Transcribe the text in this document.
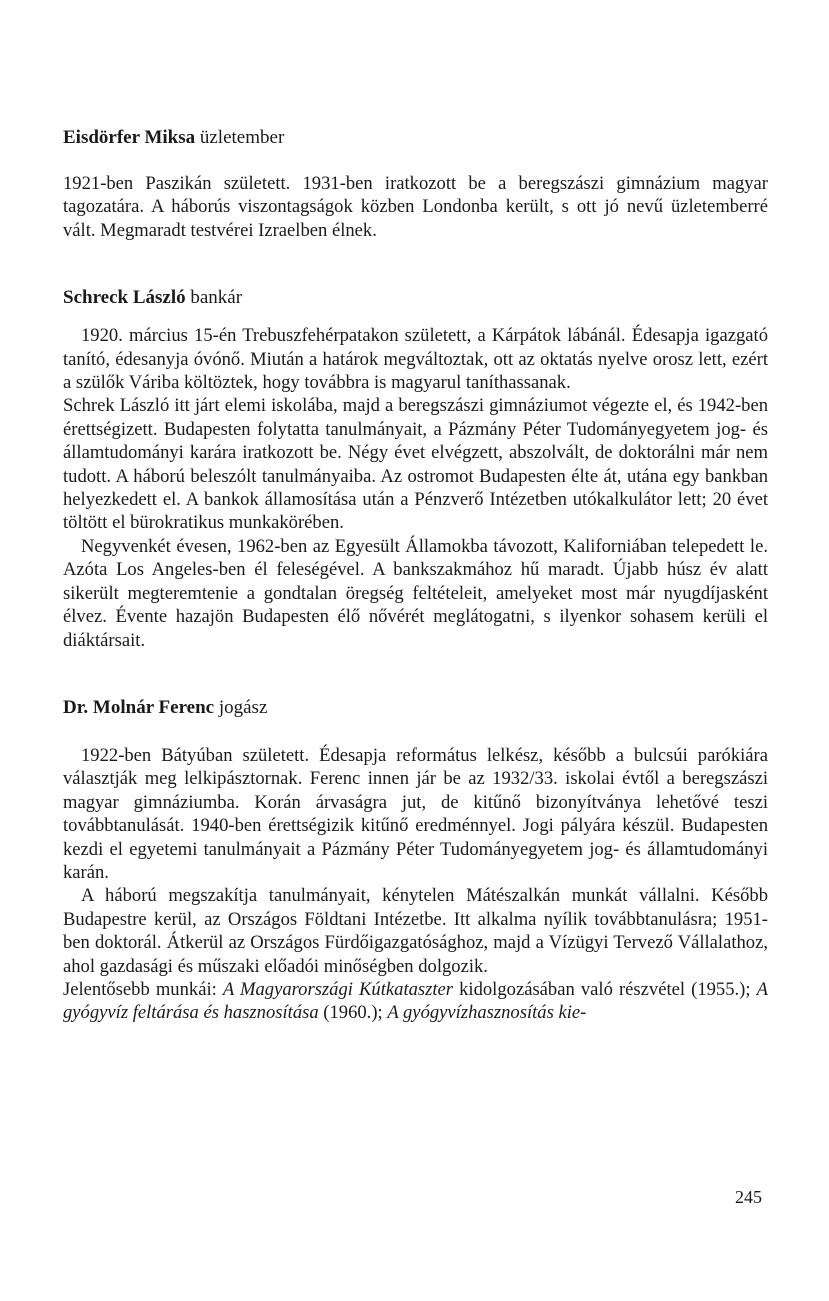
Eisdörfer Miksa üzletember

1921-ben Paszikán született. 1931-ben iratkozott be a beregszászi gimnázium magyar tagozatára. A háborús viszontagságok közben Londonba került, s ott jó nevű üzletemberré vált. Megmaradt testvérei Izraelben élnek.

Schreck László bankár

1920. március 15-én Trebuszfehérpatakon született, a Kárpátok lábánál. Édesapja igazgató tanító, édesanyja óvónő. Miután a határok megváltoztak, ott az oktatás nyelve orosz lett, ezért a szülők Váriba költöztek, hogy továbbra is magyarul taníthassanak.

Schrek László itt járt elemi iskolába, majd a beregszászi gimnáziumot végezte el, és 1942-ben érettségizett. Budapesten folytatta tanulmányait, a Pázmány Péter Tudományegyetem jog- és államtudományi karára iratkozott be. Négy évet elvégzett, abszolvált, de doktorálni már nem tudott. A háború beleszólt tanulmányaiba. Az ostromot Budapesten élte át, utána egy bankban helyezkedett el. A bankok államosítása után a Pénzverő Intézetben utókalkulátor lett; 20 évet töltött el bürokratikus munkakörében.

Negyvenkét évesen, 1962-ben az Egyesült Államokba távozott, Kaliforniában telepedett le. Azóta Los Angeles-ben él feleségével. A bankszakmához hű maradt. Újabb húsz év alatt sikerült megteremtenie a gondtalan öregség feltételeit, amelyeket most már nyugdíjasként élvez. Évente hazajön Budapesten élő nővérét meglátogatni, s ilyenkor sohasem kerüli el diáktársait.

Dr. Molnár Ferenc jogász

1922-ben Bátyúban született. Édesapja református lelkész, később a bulcsúi parókiára választják meg lelkipásztornak. Ferenc innen jár be az 1932/33. iskolai évtől a beregszászi magyar gimnáziumba. Korán árvaságra jut, de kitűnő bizonyítványa lehetővé teszi továbbtanulását. 1940-ben érettségizik kitűnő eredménnyel. Jogi pályára készül. Budapesten kezdi el egyetemi tanulmányait a Pázmány Péter Tudományegyetem jog- és államtudományi karán.

A háború megszakítja tanulmányait, kénytelen Mátészalkán munkát vállalni. Később Budapestre kerül, az Országos Földtani Intézetbe. Itt alkalma nyílik továbbtanulásra; 1951-ben doktorál. Átkerül az Országos Fürdőigazgatósághoz, majd a Vízügyi Tervező Vállalathoz, ahol gazdasági és műszaki előadói minőségben dolgozik.

Jelentősebb munkái: A Magyarországi Kútkataszter kidolgozásában való részvétel (1955.); A gyógyvíz feltárása és hasznosítása (1960.); A gyógyvízhasznosítás kie-

245
